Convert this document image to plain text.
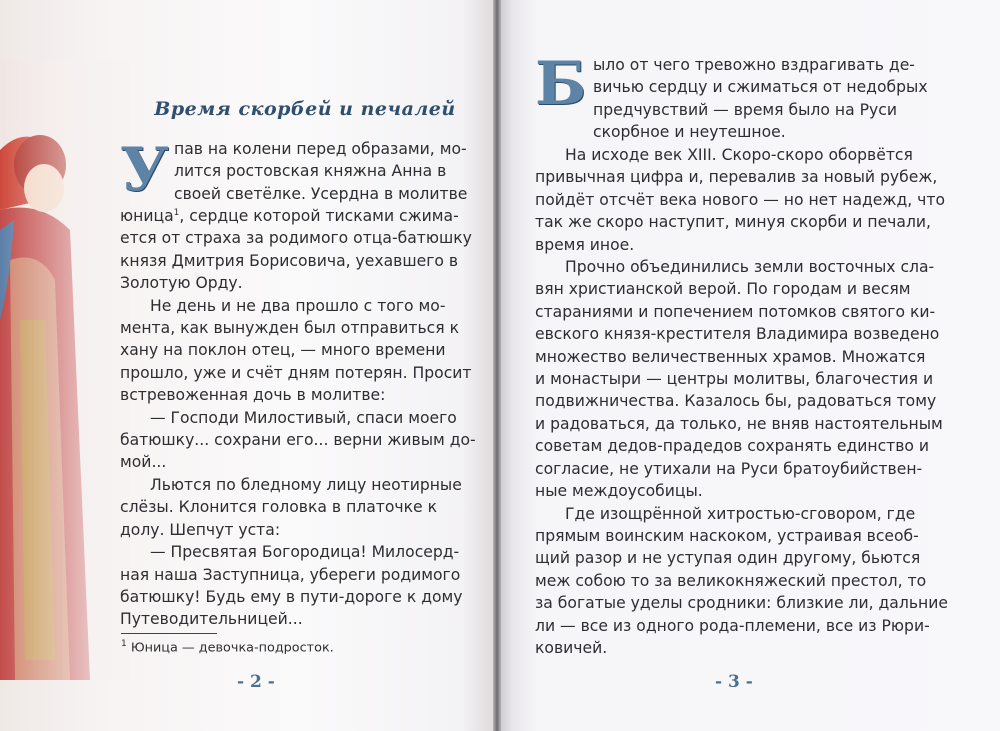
Время скорбей и печалей
У пав на колени перед образами, мо-
лится ростовская княжна Анна в
своей светёлке. Усердна в молитве
юница$^1$, сердце которой тисками сжима-
ется от страха за родимого отца-батюшку
князя Дмитрия Борисовича, уехавшего в
Золотую Орду.
Не день и не два прошло с того мо-
мента, как вынужден был отправиться к
хану на поклон отец, — много времени
прошло, уже и счёт дням потерян. Просит
встревоженная дочь в молитве:
— Господи Милостивый, спаси моего
батюшку... сохрани его... верни живым до-
мой...
Льются по бледному лицу неотирные
слёзы. Клонится головка в платочке к
долу. Шепчут уста:
— Пресвятая Богородица! Милосерд-
ная наша Заступница, убереги родимого
батюшку! Будь ему в пути-дороге к дому
Путеводительницей...
$^1$ Юница — девочка-подросток.
- 2 -
Б ыло от чего тревожно вздрагивать де-
вичью сердцу и сжиматься от недобрых
предчувствий — время было на Руси
скорбное и неутешное.
На исходе век XIII. Скоро-скоро оборвётся
привычная цифра и, перевалив за новый рубеж,
пойдёт отсчёт века нового — но нет надежд, что
так же скоро наступит, минуя скорби и печали,
время иное.
Прочно объединились земли восточных сла-
вян христианской верой. По городам и весям
стараниями и попечением потомков святого ки-
евского князя-крестителя Владимира возведено
множество величественных храмов. Множатся
и монастыри — центры молитвы, благочестия и
подвижничества. Казалось бы, радоваться тому
и радоваться, да только, не вняв настоятельным
советам дедов-прадедов сохранять единство и
согласие, не утихали на Руси братоубийствен-
ные междоусобицы.
Где изощрённой хитростью-сговором, где
прямым воинским наскоком, устраивая всеоб-
щий разор и не уступая один другому, бьются
меж собою то за великокняжеский престол, то
за богатые уделы сродники: близкие ли, дальние
ли — все из одного рода-племени, все из Рюри-
ковичей.
- 3 -
